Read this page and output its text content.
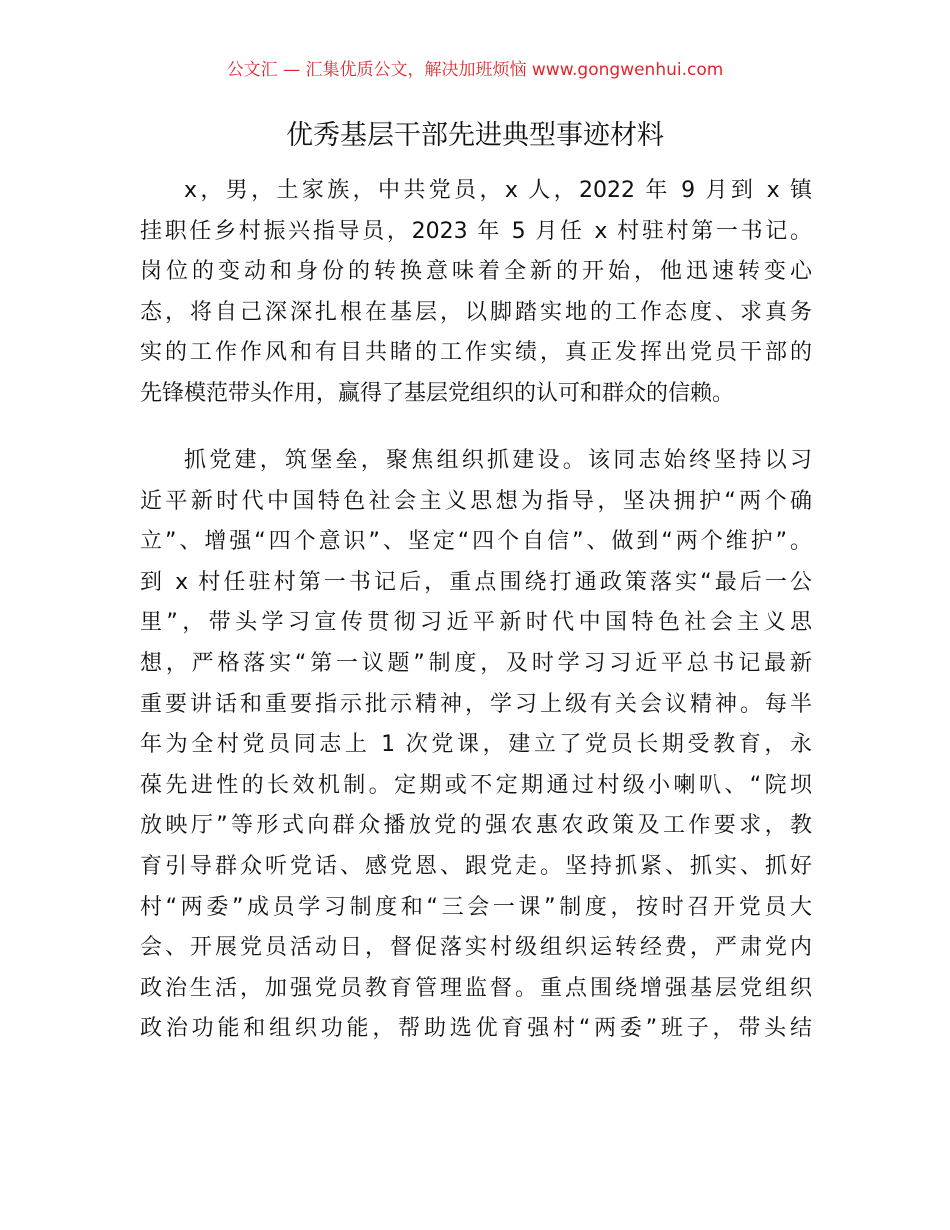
公文汇 — 汇集优质公文，解决加班烦恼 www.gongwenhui.com
优秀基层干部先进典型事迹材料
x，男，土家族，中共党员，x 人，2022 年 9 月到 x 镇
挂职任乡村振兴指导员，2023 年 5 月任 x 村驻村第一书记。
岗位的变动和身份的转换意味着全新的开始，他迅速转变心
态，将自己深深扎根在基层，以脚踏实地的工作态度、求真务
实的工作作风和有目共睹的工作实绩，真正发挥出党员干部的
先锋模范带头作用，赢得了基层党组织的认可和群众的信赖。
抓党建，筑堡垒，聚焦组织抓建设。该同志始终坚持以习
近平新时代中国特色社会主义思想为指导，坚决拥护“两个确
立”、增强“四个意识”、坚定“四个自信”、做到“两个维护”。
到 x 村任驻村第一书记后，重点围绕打通政策落实“最后一公
里”，带头学习宣传贯彻习近平新时代中国特色社会主义思
想，严格落实“第一议题”制度，及时学习习近平总书记最新
重要讲话和重要指示批示精神，学习上级有关会议精神。每半
年为全村党员同志上 1 次党课，建立了党员长期受教育，永
葆先进性的长效机制。定期或不定期通过村级小喇叭、“院坝
放映厅”等形式向群众播放党的强农惠农政策及工作要求，教
育引导群众听党话、感党恩、跟党走。坚持抓紧、抓实、抓好
村“两委”成员学习制度和“三会一课”制度，按时召开党员大
会、开展党员活动日，督促落实村级组织运转经费，严肃党内
政治生活，加强党员教育管理监督。重点围绕增强基层党组织
政治功能和组织功能，帮助选优育强村“两委”班子，带头结
